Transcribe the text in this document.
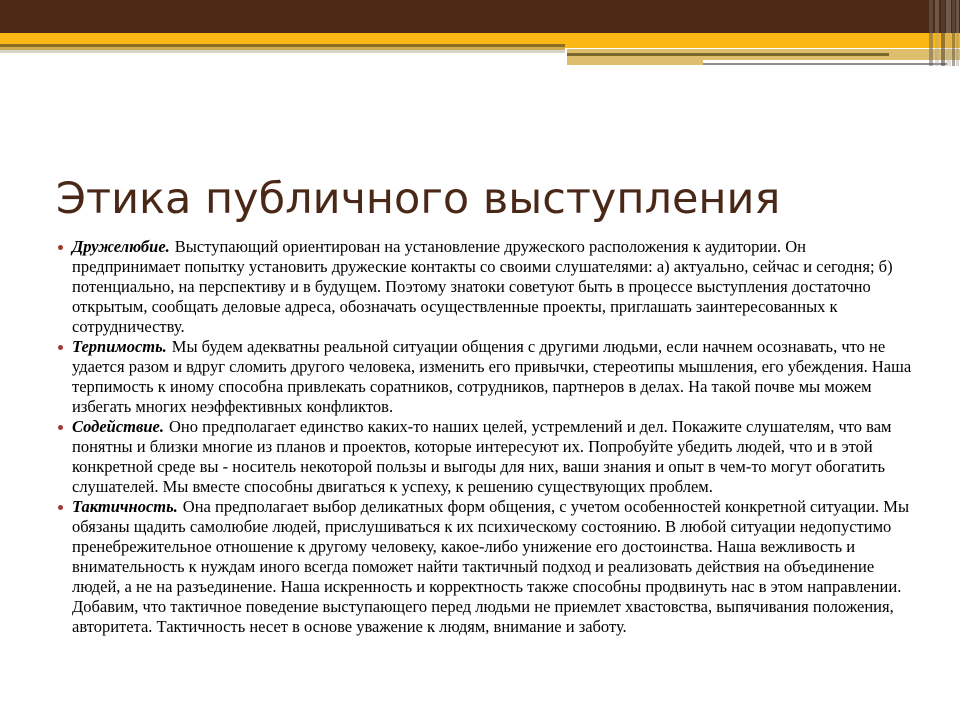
Этика публичного выступления

Дружелюбие. Выступающий ориентирован на установление дружеского расположения к аудитории. Он предпринимает попытку установить дружеские контакты со своими слушателями: а) актуально, сейчас и сегодня; б) потенциально, на перспективу и в будущем. Поэтому знатоки советуют быть в процессе выступления достаточно открытым, сообщать деловые адреса, обозначать осуществленные проекты, приглашать заинтересованных к сотрудничеству.

Терпимость. Мы будем адекватны реальной ситуации общения с другими людьми, если начнем осознавать, что не удается разом и вдруг сломить другого человека, изменить его привычки, стереотипы мышления, его убеждения. Наша терпимость к иному способна привлекать соратников, сотрудников, партнеров в делах. На такой почве мы можем избегать многих неэффективных конфликтов.

Содействие. Оно предполагает единство каких-то наших целей, устремлений и дел. Покажите слушателям, что вам понятны и близки многие из планов и проектов, которые интересуют их. Попробуйте убедить людей, что и в этой конкретной среде вы - носитель некоторой пользы и выгоды для них, ваши знания и опыт в чем-то могут обогатить слушателей. Мы вместе способны двигаться к успеху, к решению существующих проблем.

Тактичность. Она предполагает выбор деликатных форм общения, с учетом особенностей конкретной ситуации. Мы обязаны щадить самолюбие людей, прислушиваться к их психическому состоянию. В любой ситуации недопустимо пренебрежительное отношение к другому человеку, какое-либо унижение его достоинства. Наша вежливость и внимательность к нуждам иного всегда поможет найти тактичный подход и реализовать действия на объединение людей, а не на разъединение. Наша искренность и корректность также способны продвинуть нас в этом направлении. Добавим, что тактичное поведение выступающего перед людьми не приемлет хвастовства, выпячивания положения, авторитета. Тактичность несет в основе уважение к людям, внимание и заботу.
